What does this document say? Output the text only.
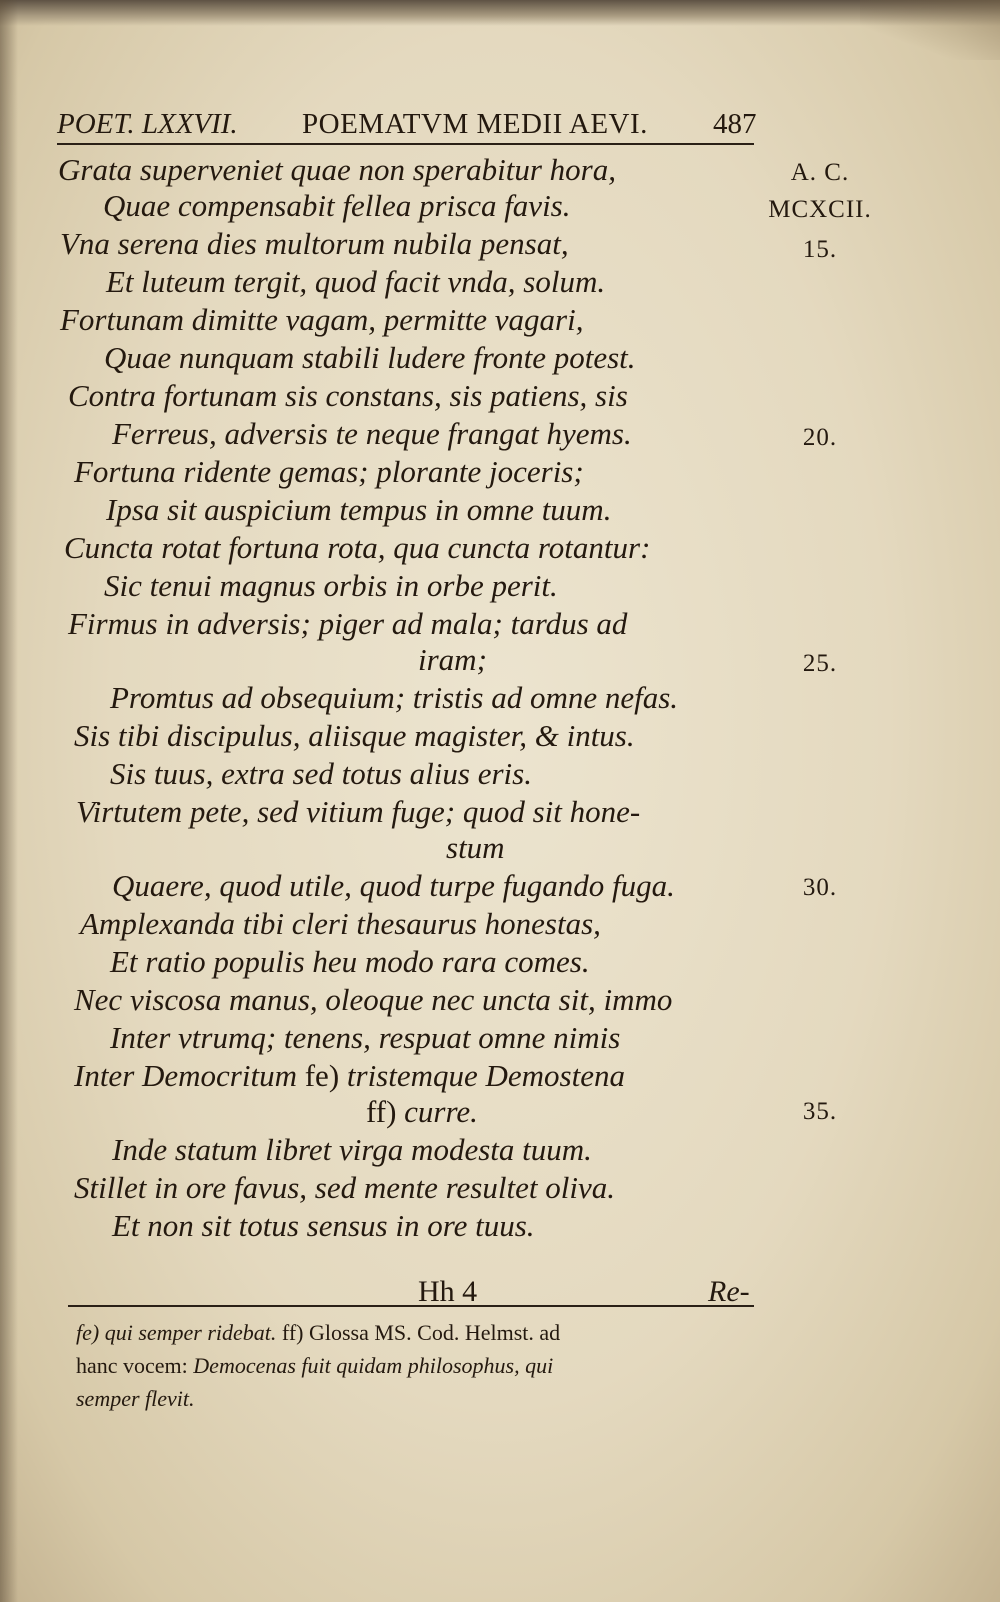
POET. LXXVII. POEMATVM MEDII AEVI. 487
Grata superveniet quae non sperabitur hora,
Quae compensabit fellea prisca favis.
Vna serena dies multorum nubila pensat,
Et luteum tergit, quod facit vnda, solum.
Fortunam dimitte vagam, permitte vagari,
Quae nunquam stabili ludere fronte potest.
Contra fortunam sis constans, sis patiens, sis
Ferreus, adversis te neque frangat hyems.
Fortuna ridente gemas; plorante joceris;
Ipsa sit auspicium tempus in omne tuum.
Cuncta rotat fortuna rota, qua cuncta rotantur:
Sic tenui magnus orbis in orbe perit.
Firmus in adversis; piger ad mala; tardus ad
iram;
Promtus ad obsequium; tristis ad omne nefas.
Sis tibi discipulus, aliisque magister, & intus.
Sis tuus, extra sed totus alius eris.
Virtutem pete, sed vitium fuge; quod sit hone-
stum
Quaere, quod utile, quod turpe fugando fuga.
Amplexanda tibi cleri thesaurus honestas,
Et ratio populis heu modo rara comes.
Nec viscosa manus, oleoque nec uncta sit, immo
Inter vtrumq; tenens, respuat omne nimis
Inter Democritum fe) tristemque Demostena
ff) curre.
Inde statum libret virga modesta tuum.
Stillet in ore favus, sed mente resultet oliva.
Et non sit totus sensus in ore tuus.
A. C.
MCXCII.
15.
20.
25.
30.
35.
Hh 4	Re-
fe) qui semper ridebat. ff) Glossa MS. Cod. Helmst. ad
hanc vocem: Democenas fuit quidam philosophus, qui
semper flevit.
